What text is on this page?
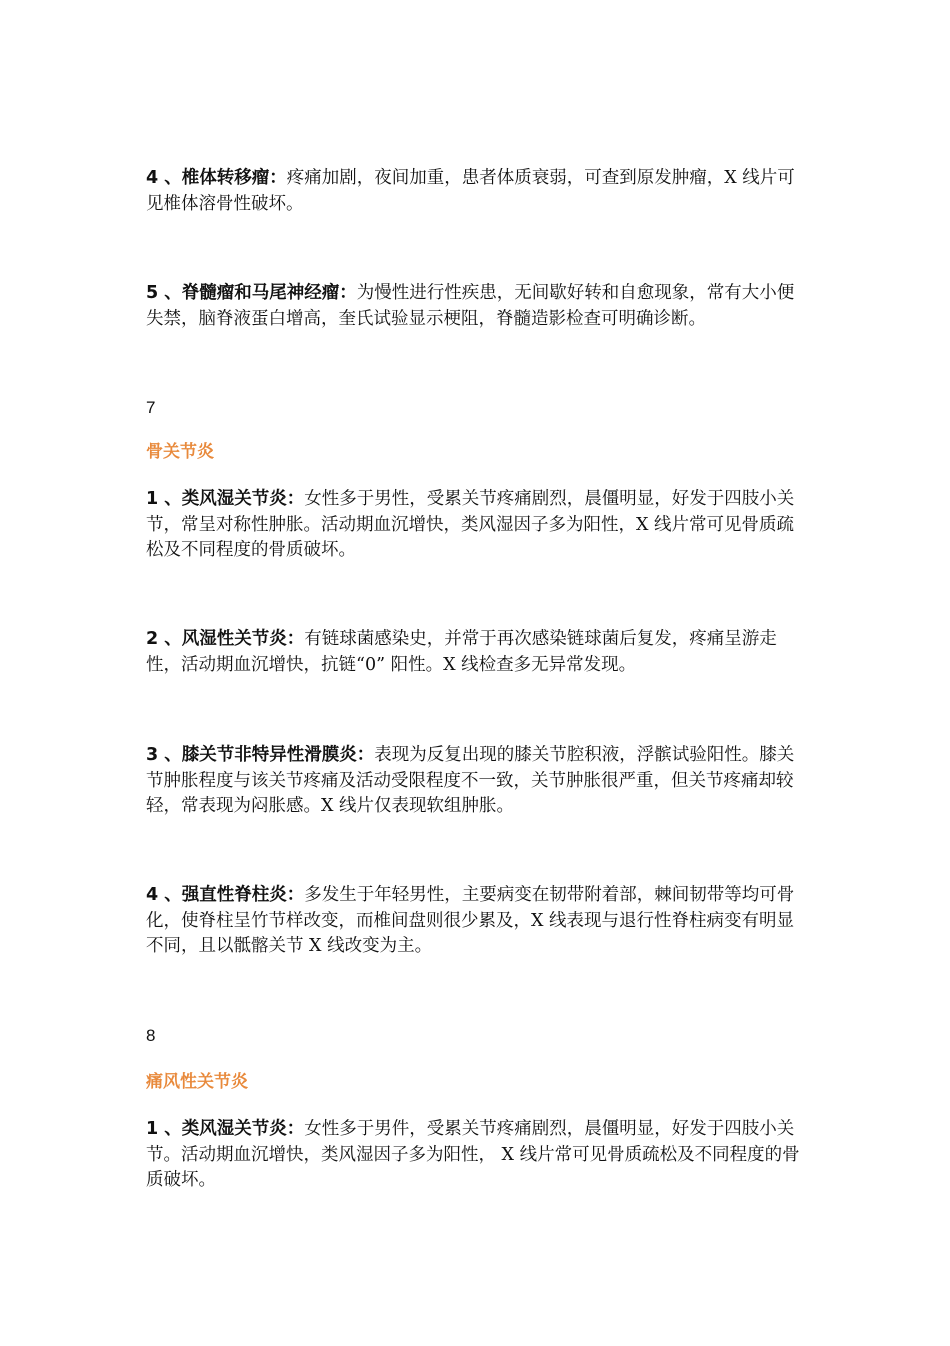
4 、椎体转移瘤：疼痛加剧，夜间加重，患者体质衰弱，可查到原发肿瘤，X 线片可见椎体溶骨性破坏。

5 、脊髓瘤和马尾神经瘤：为慢性进行性疾患，无间歇好转和自愈现象，常有大小便失禁，脑脊液蛋白增高，奎氏试验显示梗阻，脊髓造影检查可明确诊断。

7

骨关节炎

1 、类风湿关节炎：女性多于男性，受累关节疼痛剧烈，晨僵明显，好发于四肢小关节，常呈对称性肿胀。活动期血沉增快，类风湿因子多为阳性，X 线片常可见骨质疏松及不同程度的骨质破坏。

2 、风湿性关节炎：有链球菌感染史，并常于再次感染链球菌后复发，疼痛呈游走性，活动期血沉增快，抗链“0” 阳性。X 线检查多无异常发现。

3 、膝关节非特异性滑膜炎：表现为反复出现的膝关节腔积液，浮髌试验阳性。膝关节肿胀程度与该关节疼痛及活动受限程度不一致，关节肿胀很严重，但关节疼痛却较轻，常表现为闷胀感。X 线片仅表现软组肿胀。

4 、强直性脊柱炎：多发生于年轻男性，主要病变在韧带附着部，棘间韧带等均可骨化，使脊柱呈竹节样改变，而椎间盘则很少累及，X 线表现与退行性脊柱病变有明显不同，且以骶髂关节 X 线改变为主。

8

痛风性关节炎

1 、类风湿关节炎：女性多于男件，受累关节疼痛剧烈，晨僵明显，好发于四肢小关节。活动期血沉增快，类风湿因子多为阳性， X 线片常可见骨质疏松及不同程度的骨质破坏。
